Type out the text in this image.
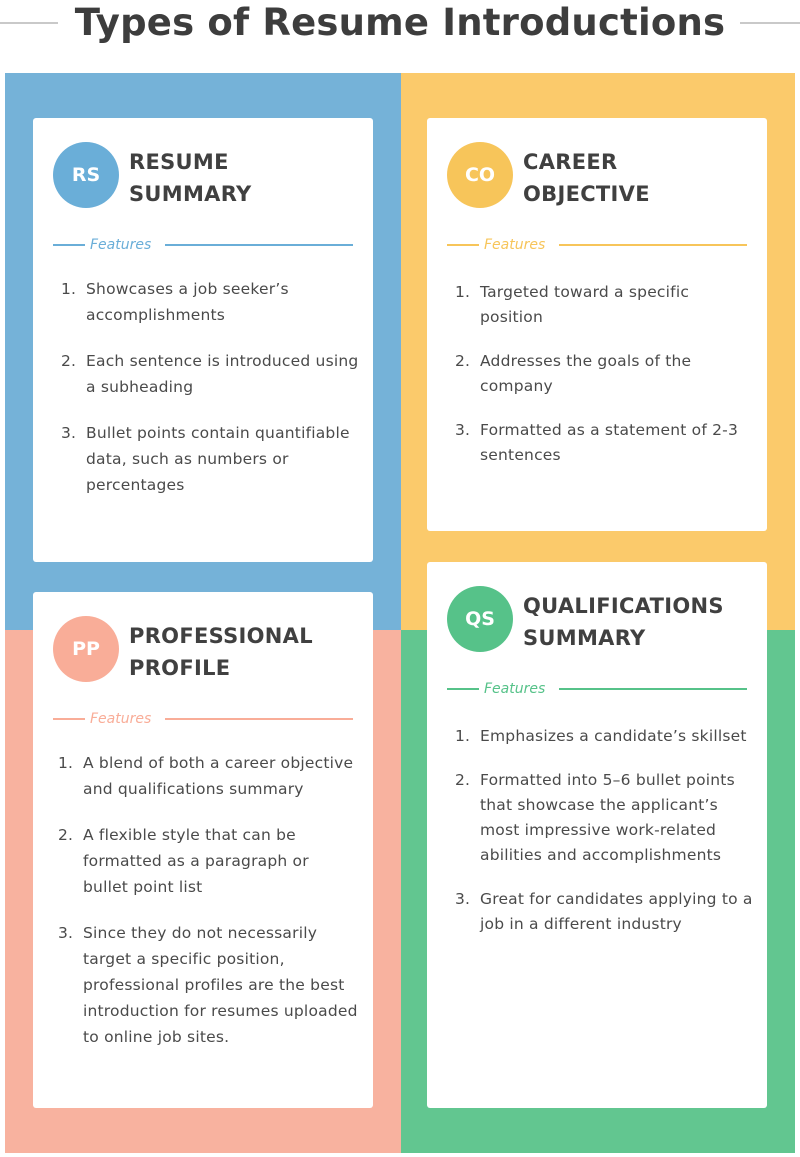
Types of Resume Introductions
RS
RESUME
SUMMARY
Features
1. Showcases a job seeker’s accomplishments
2. Each sentence is introduced using a subheading
3. Bullet points contain quantifiable data, such as numbers or percentages
CO
CAREER
OBJECTIVE
Features
1. Targeted toward a specific position
2. Addresses the goals of the company
3. Formatted as a statement of 2-3 sentences
PP
PROFESSIONAL
PROFILE
Features
1. A blend of both a career objective and qualifications summary
2. A flexible style that can be formatted as a paragraph or bullet point list
3. Since they do not necessarily target a specific position, professional profiles are the best introduction for resumes uploaded to online job sites.
QS
QUALIFICATIONS
SUMMARY
Features
1. Emphasizes a candidate’s skillset
2. Formatted into 5–6 bullet points that showcase the applicant’s most impressive work-related abilities and accomplishments
3. Great for candidates applying to a job in a different industry
